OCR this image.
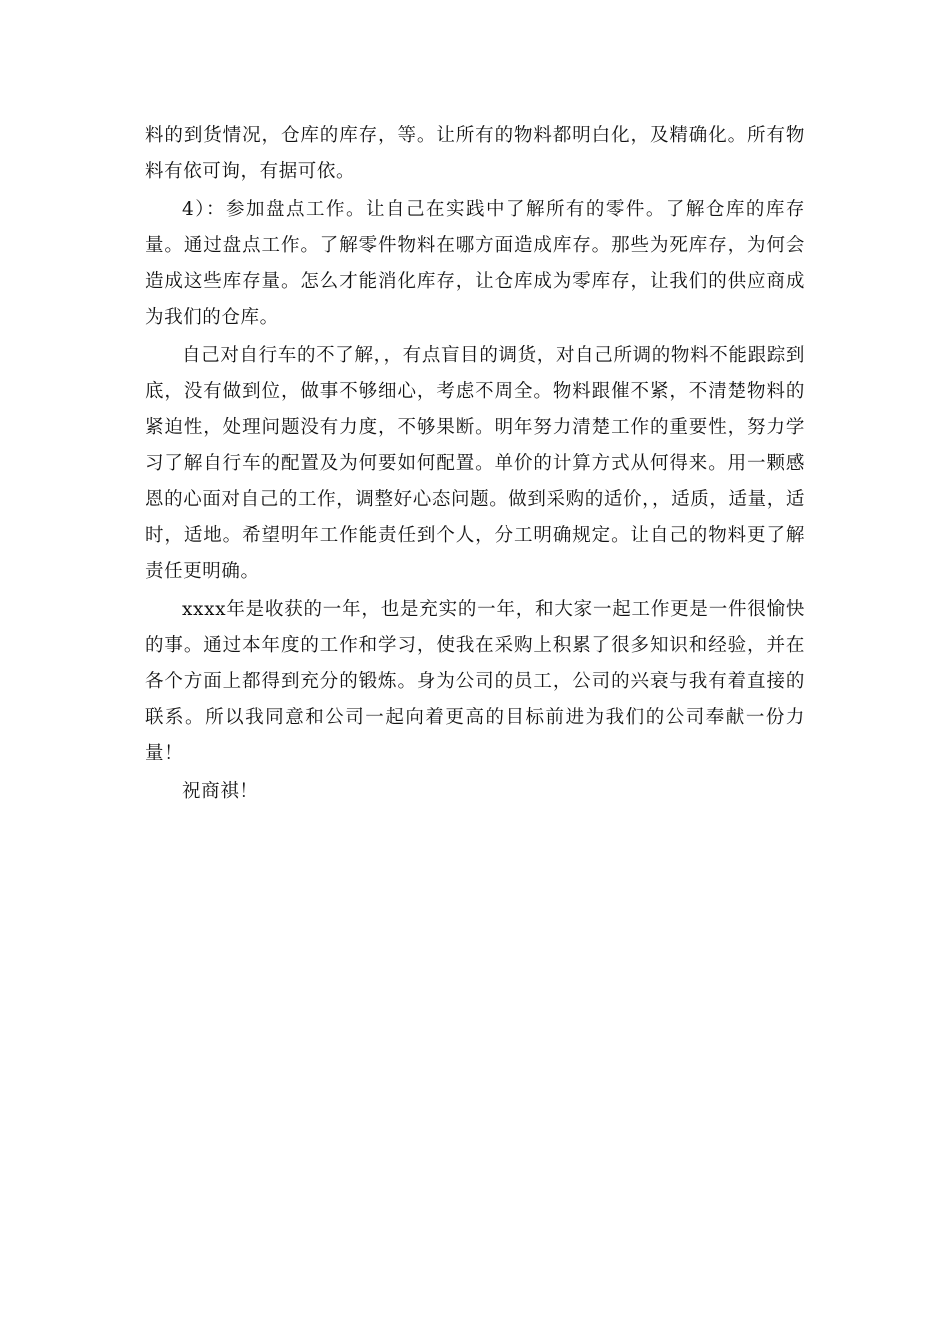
料的到货情况，仓库的库存，等。让所有的物料都明白化，及精确化。所有物料有依可询，有据可依。

4）：参加盘点工作。让自己在实践中了解所有的零件。了解仓库的库存量。通过盘点工作。了解零件物料在哪方面造成库存。那些为死库存，为何会造成这些库存量。怎么才能消化库存，让仓库成为零库存，让我们的供应商成为我们的仓库。

自己对自行车的不了解，，有点盲目的调货，对自己所调的物料不能跟踪到底，没有做到位，做事不够细心，考虑不周全。物料跟催不紧，不清楚物料的紧迫性，处理问题没有力度，不够果断。明年努力清楚工作的重要性，努力学习了解自行车的配置及为何要如何配置。单价的计算方式从何得来。用一颗感恩的心面对自己的工作，调整好心态问题。做到采购的适价，，适质，适量，适时，适地。希望明年工作能责任到个人，分工明确规定。让自己的物料更了解责任更明确。

xxxx年是收获的一年，也是充实的一年，和大家一起工作更是一件很愉快的事。通过本年度的工作和学习，使我在采购上积累了很多知识和经验，并在各个方面上都得到充分的锻炼。身为公司的员工，公司的兴衰与我有着直接的联系。所以我同意和公司一起向着更高的目标前进为我们的公司奉献一份力量！

祝商祺！
